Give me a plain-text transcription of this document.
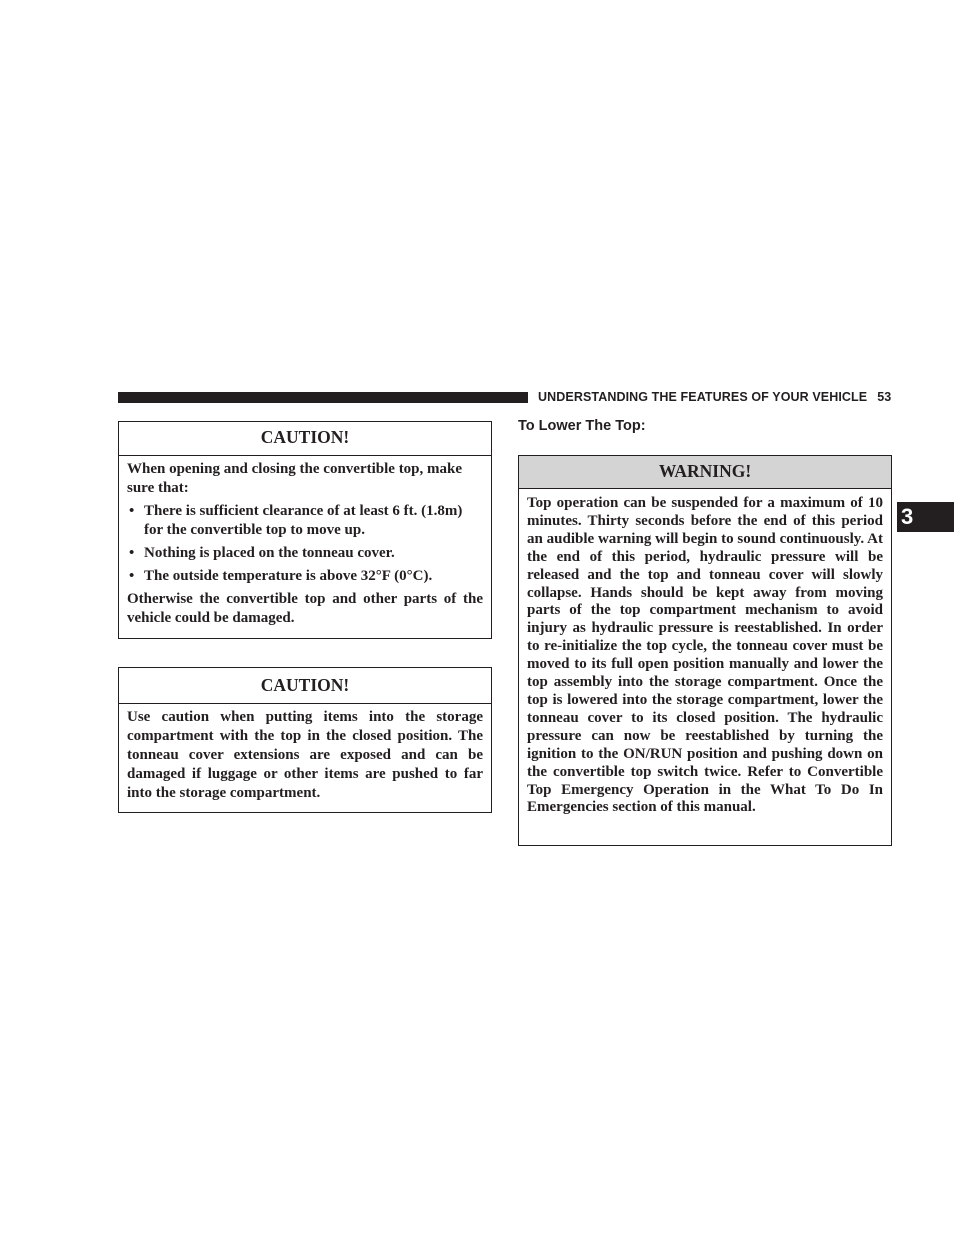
UNDERSTANDING THE FEATURES OF YOUR VEHICLE 53
3
CAUTION!
When opening and closing the convertible top, make sure that:
• There is sufficient clearance of at least 6 ft. (1.8m) for the convertible top to move up.
• Nothing is placed on the tonneau cover.
• The outside temperature is above 32°F (0°C).
Otherwise the convertible top and other parts of the vehicle could be damaged.
CAUTION!
Use caution when putting items into the storage compartment with the top in the closed position. The tonneau cover extensions are exposed and can be damaged if luggage or other items are pushed to far into the storage compartment.
To Lower The Top:
WARNING!
Top operation can be suspended for a maximum of 10 minutes. Thirty seconds before the end of this period an audible warning will begin to sound continuously. At the end of this period, hydraulic pressure will be released and the top and tonneau cover will slowly collapse. Hands should be kept away from moving parts of the top compartment mechanism to avoid injury as hydraulic pressure is reestablished. In order to re-initialize the top cycle, the tonneau cover must be moved to its full open position manually and lower the top assembly into the storage compartment. Once the top is lowered into the storage compartment, lower the tonneau cover to its closed position. The hydraulic pressure can now be reestablished by turning the ignition to the ON/RUN position and pushing down on the convertible top switch twice. Refer to Convertible Top Emergency Operation in the What To Do In Emergencies section of this manual.
